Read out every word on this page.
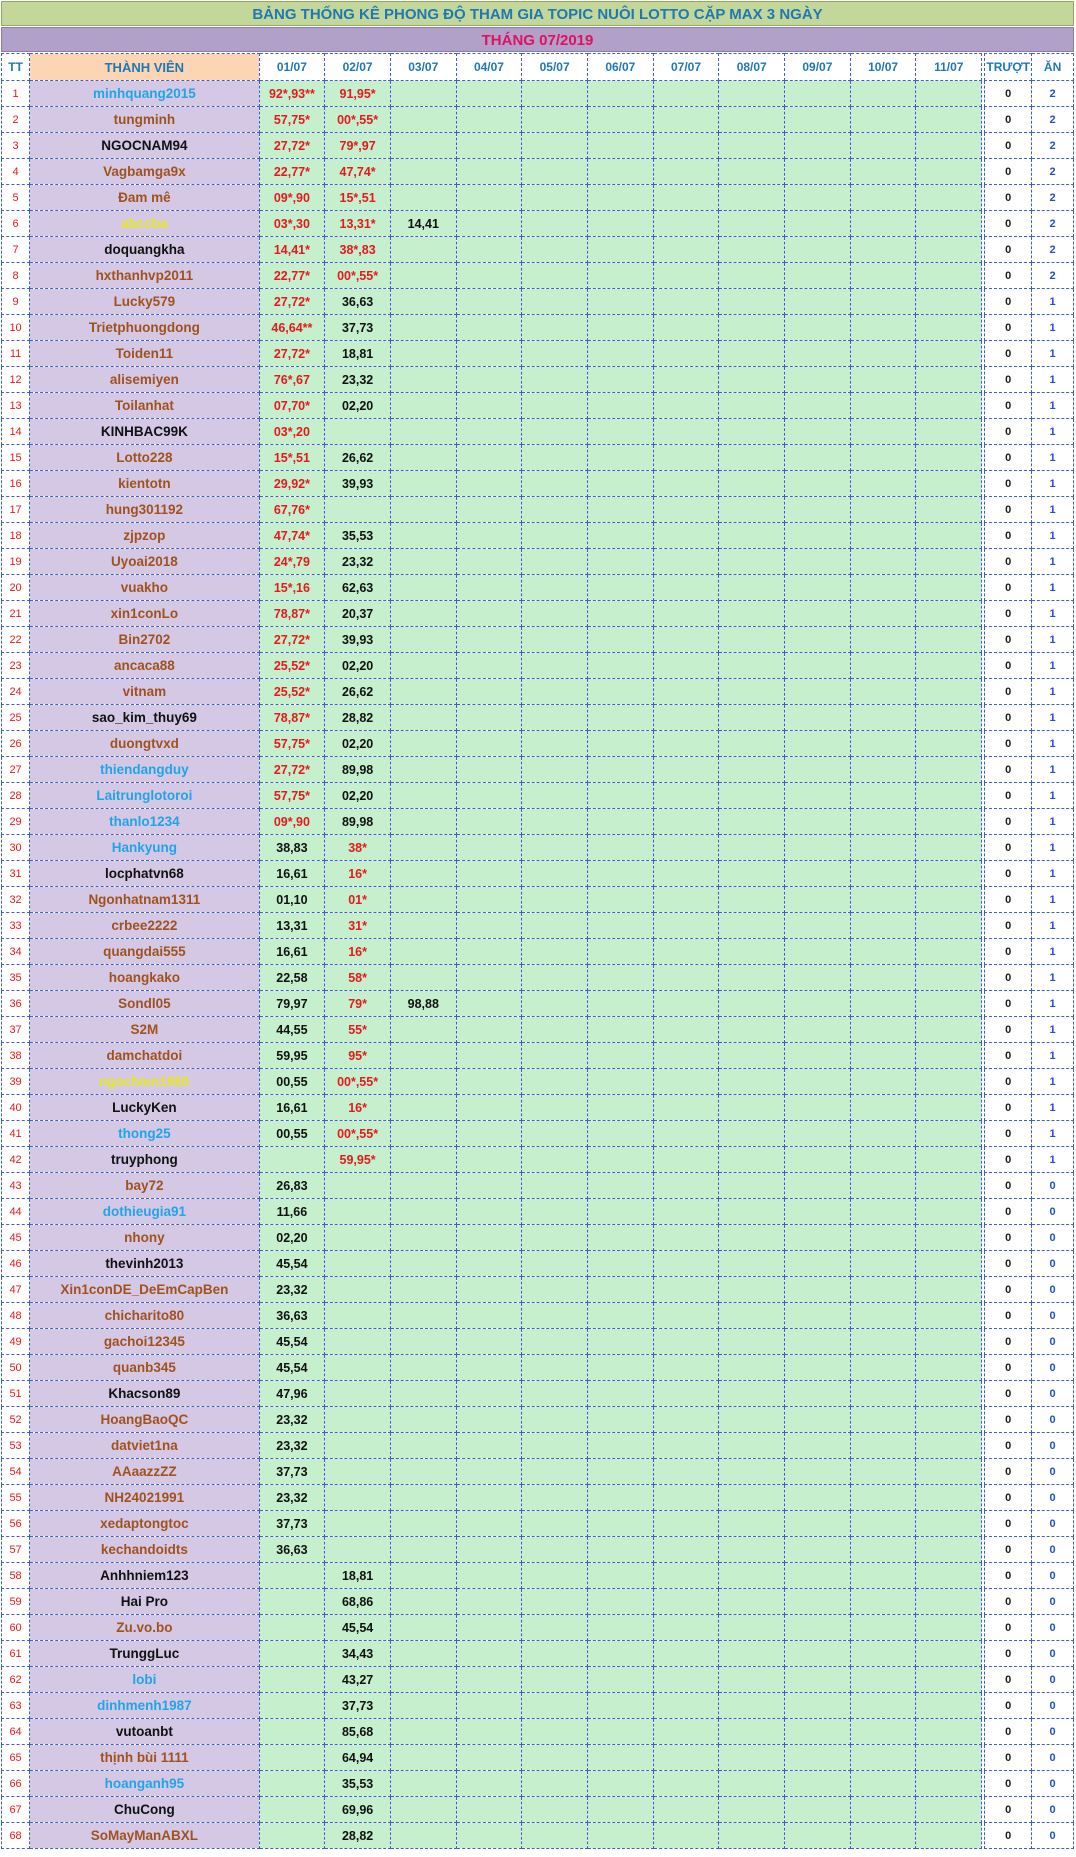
BẢNG THỐNG KÊ PHONG ĐỘ THAM GIA TOPIC NUÔI LOTTO CẶP MAX 3 NGÀY
THÁNG 07/2019
TT	THÀNH VIÊN	01/07	02/07	03/07	04/07	05/07	06/07	07/07	08/07	09/07	10/07	11/07		TRƯỢT	ĂN
1	minhquang2015	92*,93**	91,95*											0	2
2	tungminh	57,75*	00*,55*											0	2
3	NGOCNAM94	27,72*	79*,97											0	2
4	Vagbamga9x	22,77*	47,74*											0	2
5	Đam mê	09*,90	15*,51											0	2
6	abccba	03*,30	13,31*	14,41										0	2
7	doquangkha	14,41*	38*,83											0	2
8	hxthanhvp2011	22,77*	00*,55*											0	2
9	Lucky579	27,72*	36,63											0	1
10	Trietphuongdong	46,64**	37,73											0	1
11	Toiden11	27,72*	18,81											0	1
12	alisemiyen	76*,67	23,32											0	1
13	Toilanhat	07,70*	02,20											0	1
14	KINHBAC99K	03*,20												0	1
15	Lotto228	15*,51	26,62											0	1
16	kientotn	29,92*	39,93											0	1
17	hung301192	67,76*												0	1
18	zjpzop	47,74*	35,53											0	1
19	Uyoai2018	24*,79	23,32											0	1
20	vuakho	15*,16	62,63											0	1
21	xin1conLo	78,87*	20,37											0	1
22	Bin2702	27,72*	39,93											0	1
23	ancaca88	25,52*	02,20											0	1
24	vitnam	25,52*	26,62											0	1
25	sao_kim_thuy69	78,87*	28,82											0	1
26	duongtvxd	57,75*	02,20											0	1
27	thiendangduy	27,72*	89,98											0	1
28	Laitrunglotoroi	57,75*	02,20											0	1
29	thanlo1234	09*,90	89,98											0	1
30	Hankyung	38,83	38*											0	1
31	locphatvn68	16,61	16*											0	1
32	Ngonhatnam1311	01,10	01*											0	1
33	crbee2222	13,31	31*											0	1
34	quangdai555	16,61	16*											0	1
35	hoangkako	22,58	58*											0	1
36	Sondl05	79,97	79*	98,88										0	1
37	S2M	44,55	55*											0	1
38	damchatdoi	59,95	95*											0	1
39	ngochien1980	00,55	00*,55*											0	1
40	LuckyKen	16,61	16*											0	1
41	thong25	00,55	00*,55*											0	1
42	truyphong		59,95*											0	1
43	bay72	26,83												0	0
44	dothieugia91	11,66												0	0
45	nhony	02,20												0	0
46	thevinh2013	45,54												0	0
47	Xin1conDE_DeEmCapBen	23,32												0	0
48	chicharito80	36,63												0	0
49	gachoi12345	45,54												0	0
50	quanb345	45,54												0	0
51	Khacson89	47,96												0	0
52	HoangBaoQC	23,32												0	0
53	datviet1na	23,32												0	0
54	AAaazzZZ	37,73												0	0
55	NH24021991	23,32												0	0
56	xedaptongtoc	37,73												0	0
57	kechandoidts	36,63												0	0
58	Anhhniem123		18,81											0	0
59	Hai Pro		68,86											0	0
60	Zu.vo.bo		45,54											0	0
61	TrunggLuc		34,43											0	0
62	lobi		43,27											0	0
63	dinhmenh1987		37,73											0	0
64	vutoanbt		85,68											0	0
65	thịnh bùi 1111		64,94											0	0
66	hoanganh95		35,53											0	0
67	ChuCong		69,96											0	0
68	SoMayManABXL		28,82											0	0
